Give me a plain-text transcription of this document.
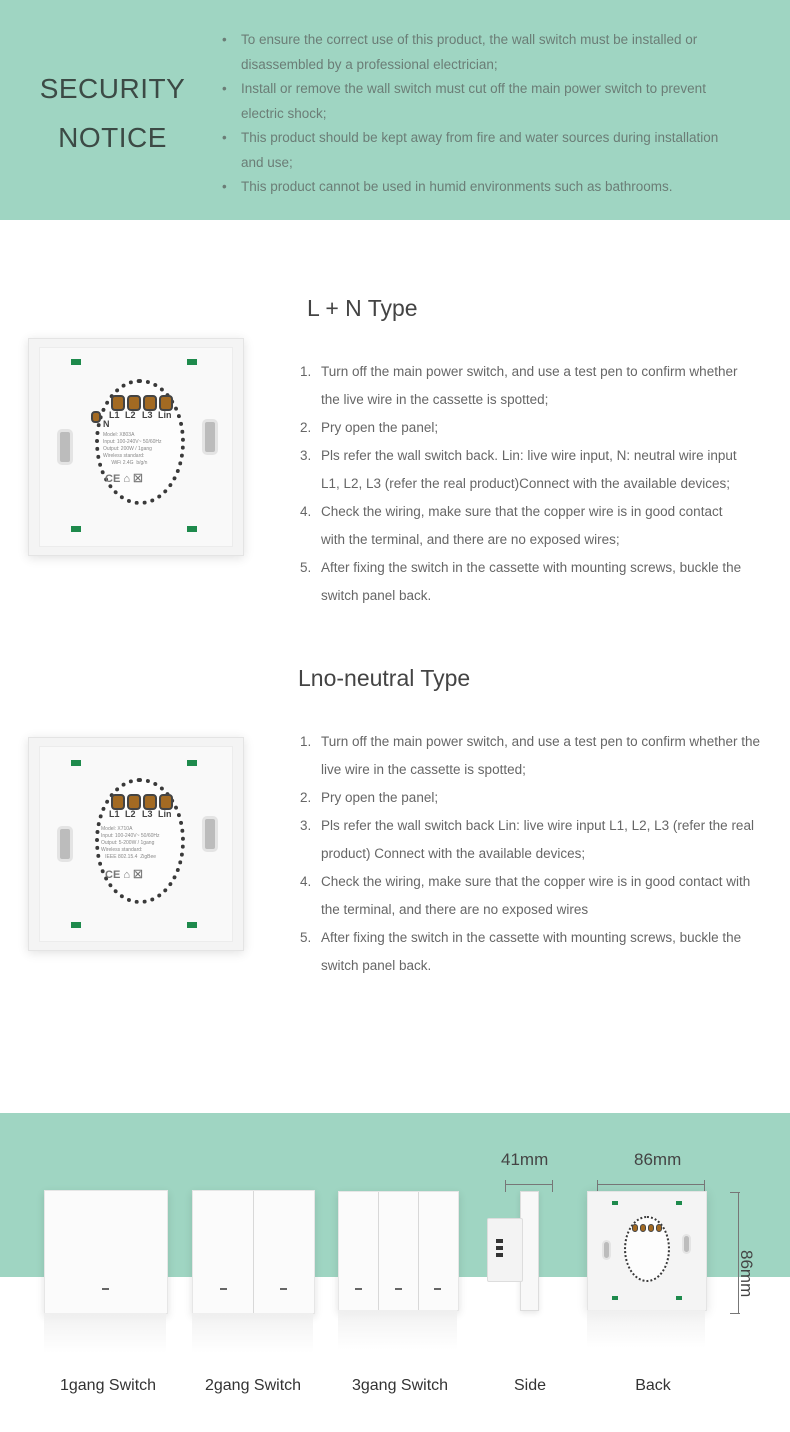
SECURITY
NOTICE
• To ensure the correct use of this product, the wall switch must be installed or disassembled by a professional electrician;
• Install or remove the wall switch must cut off the main power switch to prevent electric shock;
• This product should be kept away from fire and water sources during installation and use;
• This product cannot be used in humid environments such as bathrooms.
L + N Type
L1 L2 L3 Lin
N
Model: X803A
Input: 100-240V~ 50/60Hz
Output: 200W / 1gang
Wireless standard:
WiFi 2.4G  b/g/n
CE ⌂ ☒
1. Turn off the main power switch, and use a test pen to confirm whether the live wire in the cassette is spotted;
2. Pry open the panel;
3. Pls refer the wall switch back. Lin: live wire input, N: neutral wire input L1, L2, L3 (refer the real product)Connect with the available devices;
4. Check the wiring, make sure that the copper wire is in good contact with the terminal, and there are no exposed wires;
5. After fixing the switch in the cassette with mounting screws, buckle the switch panel back.
Lno-neutral Type
L1 L2 L3 Lin
Model: X710A
Input: 100-240V~ 50/60Hz
Output: 5-200W / 1gang
Wireless standard:
IEEE 802.15.4  ZigBee
CE ⌂ ☒
1. Turn off the main power switch, and use a test pen to confirm whether the live wire in the cassette is spotted;
2. Pry open the panel;
3. Pls refer the wall switch back Lin: live wire input L1, L2, L3 (refer the real product) Connect with the available devices;
4. Check the wiring, make sure that the copper wire is in good contact with the terminal, and there are no exposed wires
5. After fixing the switch in the cassette with mounting screws, buckle the switch panel back.
41mm	86mm
86mm
1gang Switch	2gang Switch	3gang Switch	Side	Back
